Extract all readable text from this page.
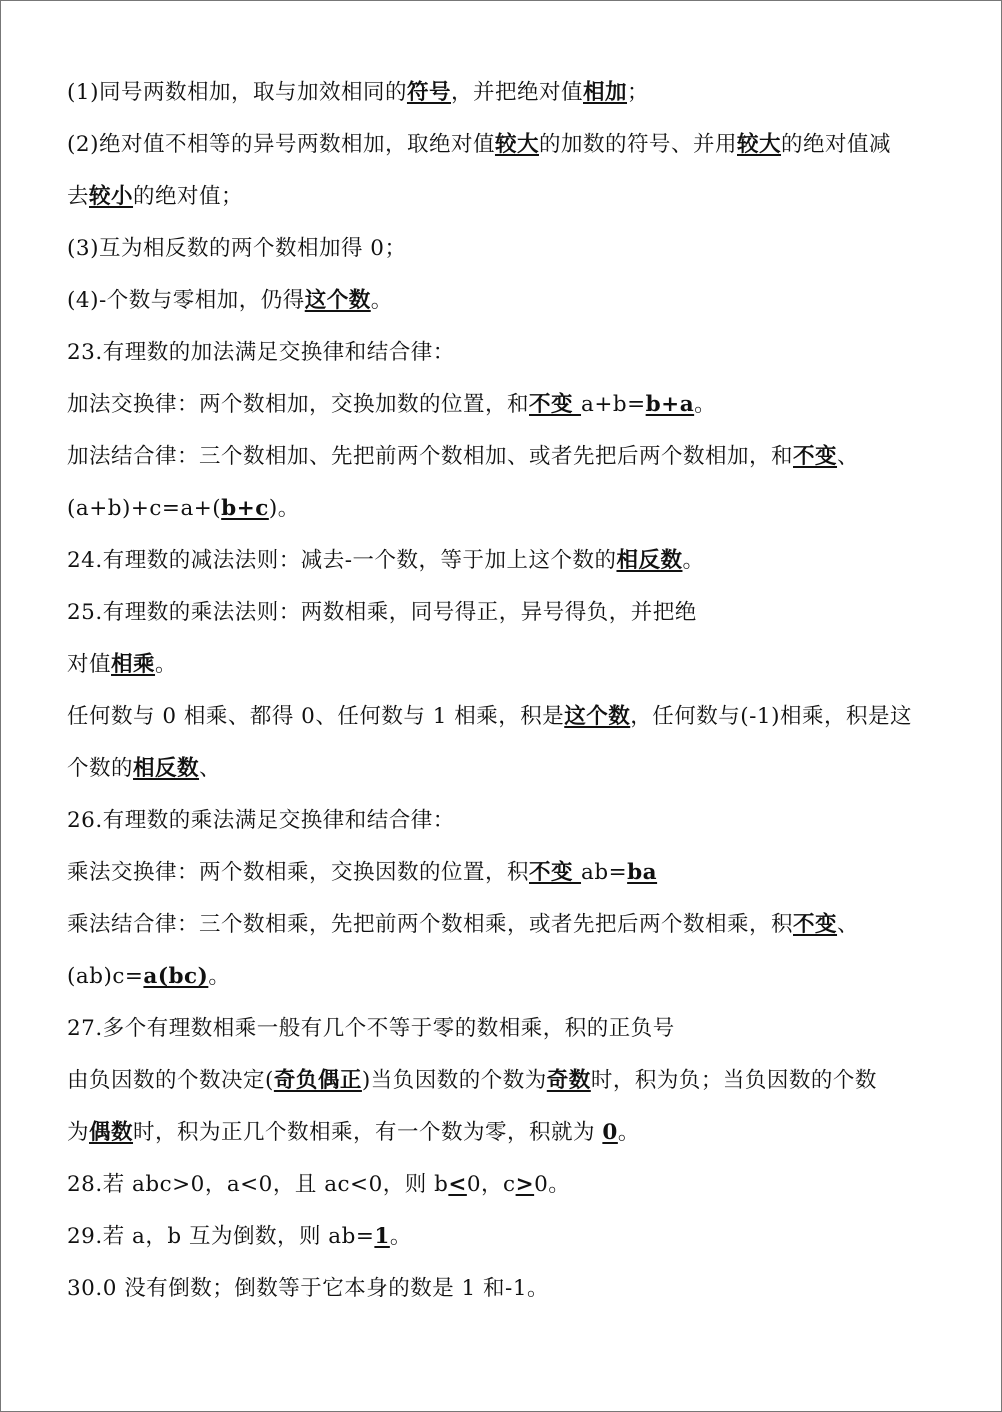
(1)同号两数相加，取与加效相同的符号，并把绝对值相加；
(2)绝对值不相等的异号两数相加，取绝对值较大的加数的符号、并用较大的绝对值减
去较小的绝对值；
(3)互为相反数的两个数相加得 0；
(4)-个数与零相加，仍得这个数。
23.有理数的加法满足交换律和结合律：
加法交换律：两个数相加，交换加数的位置，和不变 a+b=b+a。
加法结合律：三个数相加、先把前两个数相加、或者先把后两个数相加，和不变、
(a+b)+c=a+(b+c)。
24.有理数的减法法则：减去-一个数，等于加上这个数的相反数。
25.有理数的乘法法则：两数相乘，同号得正，异号得负，并把绝
对值相乘。
任何数与 0 相乘、都得 0、任何数与 1 相乘，积是这个数，任何数与(-1)相乘，积是这
个数的相反数、
26.有理数的乘法满足交换律和结合律：
乘法交换律：两个数相乘，交换因数的位置，积不变 ab=ba
乘法结合律：三个数相乘，先把前两个数相乘，或者先把后两个数相乘，积不变、
(ab)c=a(bc)。
27.多个有理数相乘一般有几个不等于零的数相乘，积的正负号
由负因数的个数决定(奇负偶正)当负因数的个数为奇数时，积为负；当负因数的个数
为偶数时，积为正几个数相乘，有一个数为零，积就为 0。
28.若 abc>0，a<0，且 ac<0，则 b<0，c>0。
29.若 a，b 互为倒数，则 ab=1。
30.0 没有倒数；倒数等于它本身的数是 1 和-1。
